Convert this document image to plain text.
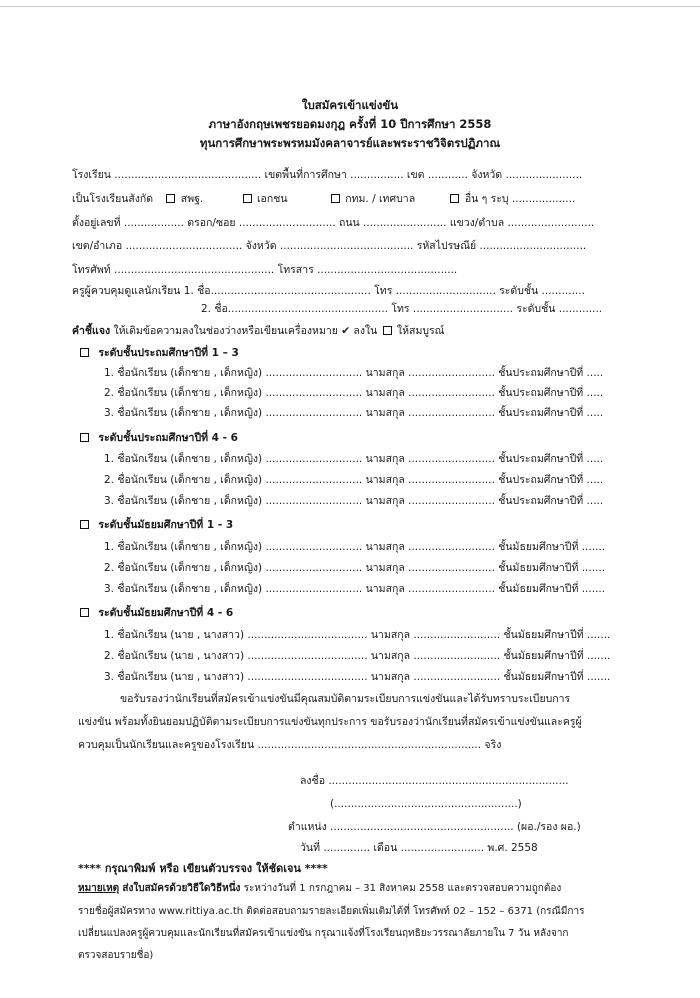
ใบสมัครเข้าแข่งขัน
ภาษาอังกฤษเพชรยอดมงกุฎ ครั้งที่ 10 ปีการศึกษา 2558
ทุนการศึกษาพระพรหมมังคลาจารย์และพระราชวิจิตรปฏิภาณ
โรงเรียน ............................................ เขตพื้นที่การศึกษา ................ เขต ............ จังหวัด .......................
เป็นโรงเรียนสังกัด	สพฐ.	เอกชน	กทม. / เทศบาล	อื่น ๆ ระบุ ...................
ตั้งอยู่เลขที่ .................. ตรอก/ซอย ............................. ถนน ......................... แขวง/ตำบล ..........................
เขต/อำเภอ ................................... จังหวัด ........................................ รหัสไปรษณีย์ ................................
โทรศัพท์ ................................................ โทรสาร ..........................................
ครูผู้ควบคุมดูแลนักเรียน 1. ชื่อ................................................ โทร .............................. ระดับชั้น .............
2. ชื่อ................................................ โทร .............................. ระดับชั้น .............
คำชี้แจง ให้เติมข้อความลงในช่องว่างหรือเขียนเครื่องหมาย ✔ ลงใน ให้สมบูรณ์
ระดับชั้นประถมศึกษาปีที่ 1 – 3
1. ชื่อนักเรียน (เด็กชาย , เด็กหญิง) ............................. นามสกุล .......................... ชั้นประถมศึกษาปีที่ .....
2. ชื่อนักเรียน (เด็กชาย , เด็กหญิง) ............................. นามสกุล .......................... ชั้นประถมศึกษาปีที่ .....
3. ชื่อนักเรียน (เด็กชาย , เด็กหญิง) ............................. นามสกุล .......................... ชั้นประถมศึกษาปีที่ .....
ระดับชั้นประถมศึกษาปีที่ 4 - 6
1. ชื่อนักเรียน (เด็กชาย , เด็กหญิง) ............................. นามสกุล .......................... ชั้นประถมศึกษาปีที่ .....
2. ชื่อนักเรียน (เด็กชาย , เด็กหญิง) ............................. นามสกุล .......................... ชั้นประถมศึกษาปีที่ .....
3. ชื่อนักเรียน (เด็กชาย , เด็กหญิง) ............................. นามสกุล .......................... ชั้นประถมศึกษาปีที่ .....
ระดับชั้นมัธยมศึกษาปีที่ 1 - 3
1. ชื่อนักเรียน (เด็กชาย , เด็กหญิง) ............................. นามสกุล .......................... ชั้นมัธยมศึกษาปีที่ .......
2. ชื่อนักเรียน (เด็กชาย , เด็กหญิง) ............................. นามสกุล .......................... ชั้นมัธยมศึกษาปีที่ .......
3. ชื่อนักเรียน (เด็กชาย , เด็กหญิง) ............................. นามสกุล .......................... ชั้นมัธยมศึกษาปีที่ .......
ระดับชั้นมัธยมศึกษาปีที่ 4 - 6
1. ชื่อนักเรียน (นาย , นางสาว) .................................... นามสกุล .......................... ชั้นมัธยมศึกษาปีที่ .......
2. ชื่อนักเรียน (นาย , นางสาว) .................................... นามสกุล .......................... ชั้นมัธยมศึกษาปีที่ .......
3. ชื่อนักเรียน (นาย , นางสาว) .................................... นามสกุล .......................... ชั้นมัธยมศึกษาปีที่ .......
ขอรับรองว่านักเรียนที่สมัครเข้าแข่งขันมีคุณสมบัติตามระเบียบการแข่งขันและได้รับทราบระเบียบการ
แข่งขัน พร้อมทั้งยินยอมปฏิบัติตามระเบียบการแข่งขันทุกประการ ขอรับรองว่านักเรียนที่สมัครเข้าแข่งขันและครูผู้
ควบคุมเป็นนักเรียนและครูของโรงเรียน ................................................................... จริง
ลงชื่อ ........................................................................
(.......................................................)
ตำแหน่ง ....................................................... (ผอ./รอง ผอ.)
วันที่ .............. เดือน ......................... พ.ศ. 2558
**** กรุณาพิมพ์ หรือ เขียนตัวบรรจง ให้ชัดเจน ****
หมายเหตุ ส่งใบสมัครด้วยวิธีใดวิธีหนึ่ง ระหว่างวันที่ 1 กรกฎาคม – 31 สิงหาคม 2558 และตรวจสอบความถูกต้อง
รายชื่อผู้สมัครทาง www.rittiya.ac.th ติดต่อสอบถามรายละเอียดเพิ่มเติมได้ที่ โทรศัพท์ 02 – 152 – 6371 (กรณีมีการ
เปลี่ยนแปลงครูผู้ควบคุมและนักเรียนที่สมัครเข้าแข่งขัน กรุณาแจ้งที่โรงเรียนฤทธิยะวรรณาลัยภายใน 7 วัน หลังจาก
ตรวจสอบรายชื่อ)
